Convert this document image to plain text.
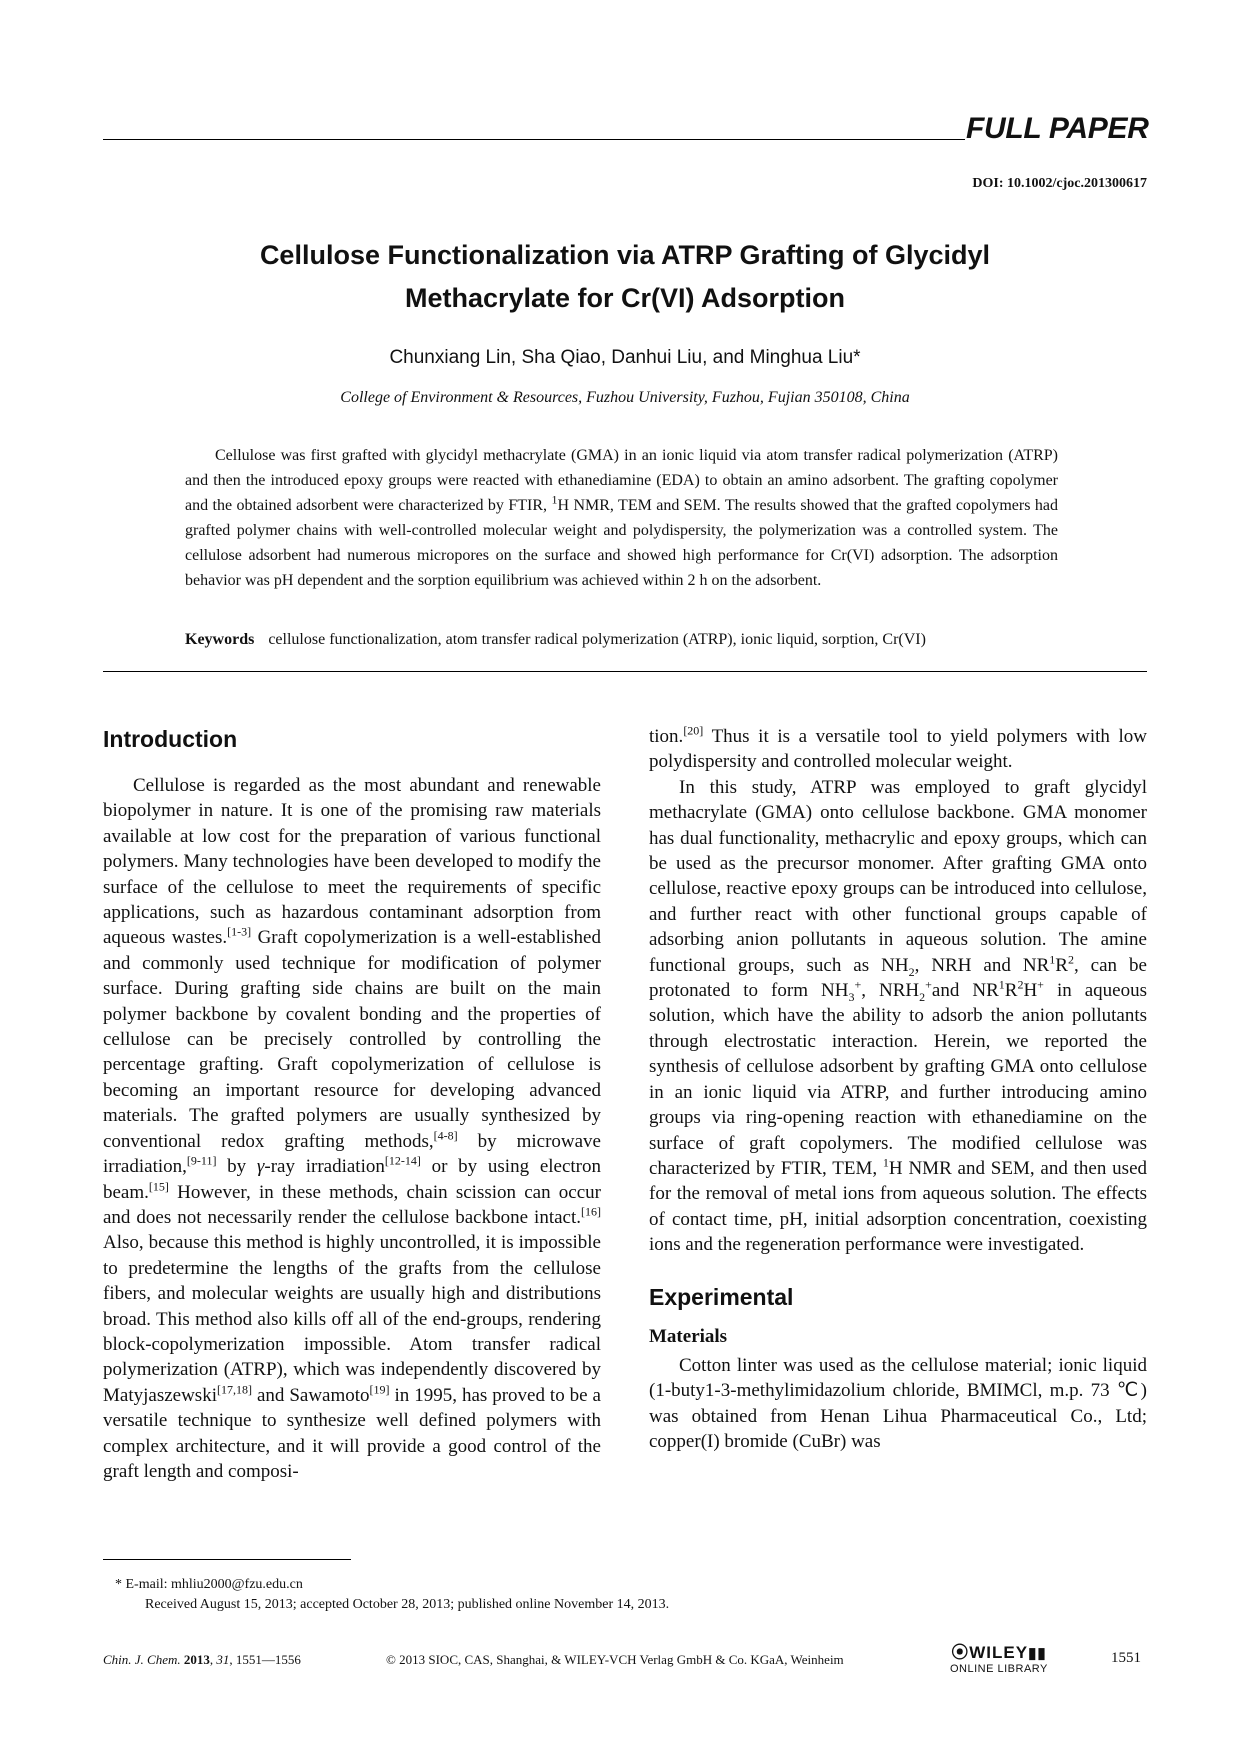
FULL PAPER
DOI: 10.1002/cjoc.201300617
Cellulose Functionalization via ATRP Grafting of Glycidyl
Methacrylate for Cr(VI) Adsorption
Chunxiang Lin, Sha Qiao, Danhui Liu, and Minghua Liu*
College of Environment & Resources, Fuzhou University, Fuzhou, Fujian 350108, China

Cellulose was first grafted with glycidyl methacrylate (GMA) in an ionic liquid via atom transfer radical polymerization (ATRP) and then the introduced epoxy groups were reacted with ethanediamine (EDA) to obtain an amino adsorbent. The grafting copolymer and the obtained adsorbent were characterized by FTIR, $^1$H NMR, TEM and SEM. The results showed that the grafted copolymers had grafted polymer chains with well-controlled molecular weight and polydispersity, the polymerization was a controlled system. The cellulose adsorbent had numerous micropores on the surface and showed high performance for Cr(VI) adsorption. The adsorption behavior was pH dependent and the sorption equilibrium was achieved within 2 h on the adsorbent.

Keywords cellulose functionalization, atom transfer radical polymerization (ATRP), ionic liquid, sorption, Cr(VI)
Introduction

Cellulose is regarded as the most abundant and renewable biopolymer in nature. It is one of the promising raw materials available at low cost for the preparation of various functional polymers. Many technologies have been developed to modify the surface of the cellulose to meet the requirements of specific applications, such as hazardous contaminant adsorption from aqueous wastes.[1-3] Graft copolymerization is a well-established and commonly used technique for modification of polymer surface. During grafting side chains are built on the main polymer backbone by covalent bonding and the properties of cellulose can be precisely controlled by controlling the percentage grafting. Graft copolymerization of cellulose is becoming an important resource for developing advanced materials. The grafted polymers are usually synthesized by conventional redox grafting methods,[4-8] by microwave irradiation,[9-11] by γ-ray irradiation[12-14] or by using electron beam.[15] However, in these methods, chain scission can occur and does not necessarily render the cellulose backbone intact.[16] Also, because this method is highly uncontrolled, it is impossible to predetermine the lengths of the grafts from the cellulose fibers, and molecular weights are usually high and distributions broad. This method also kills off all of the end-groups, rendering block-copolymerization impossible. Atom transfer radical polymerization (ATRP), which was independently discovered by Matyjaszewski[17,18] and Sawamoto[19] in 1995, has proved to be a versatile technique to synthesize well defined polymers with complex architecture, and it will provide a good control of the graft length and composi-

tion.[20] Thus it is a versatile tool to yield polymers with low polydispersity and controlled molecular weight.

In this study, ATRP was employed to graft glycidyl methacrylate (GMA) onto cellulose backbone. GMA monomer has dual functionality, methacrylic and epoxy groups, which can be used as the precursor monomer. After grafting GMA onto cellulose, reactive epoxy groups can be introduced into cellulose, and further react with other functional groups capable of adsorbing anion pollutants in aqueous solution. The amine functional groups, such as $NH_2$, NRH and $NR^1R^2$, can be protonated to form $NH_3^+$, $NRH_2^+and$ $NR^1R^2H^+$ in aqueous solution, which have the ability to adsorb the anion pollutants through electrostatic interaction. Herein, we reported the synthesis of cellulose adsorbent by grafting GMA onto cellulose in an ionic liquid via ATRP, and further introducing amino groups via ring-opening reaction with ethanediamine on the surface of graft copolymers. The modified cellulose was characterized by FTIR, TEM, $^1$H NMR and SEM, and then used for the removal of metal ions from aqueous solution. The effects of contact time, pH, initial adsorption concentration, coexisting ions and the regeneration performance were investigated.

Experimental
Materials

Cotton linter was used as the cellulose material; ionic liquid (1-buty1-3-methylimidazolium chloride, BMIMCl, m.p. 73 ℃) was obtained from Henan Lihua Pharmaceutical Co., Ltd; copper(I) bromide (CuBr) was

* E-mail: mhliu2000@fzu.edu.cn
Received August 15, 2013; accepted October 28, 2013; published online November 14, 2013.
Chin. J. Chem. 2013, 31, 1551—1556	© 2013 SIOC, CAS, Shanghai, & WILEY-VCH Verlag GmbH & Co. KGaA, Weinheim	⦿WILEY▮▮
ONLINE LIBRARY
1551
